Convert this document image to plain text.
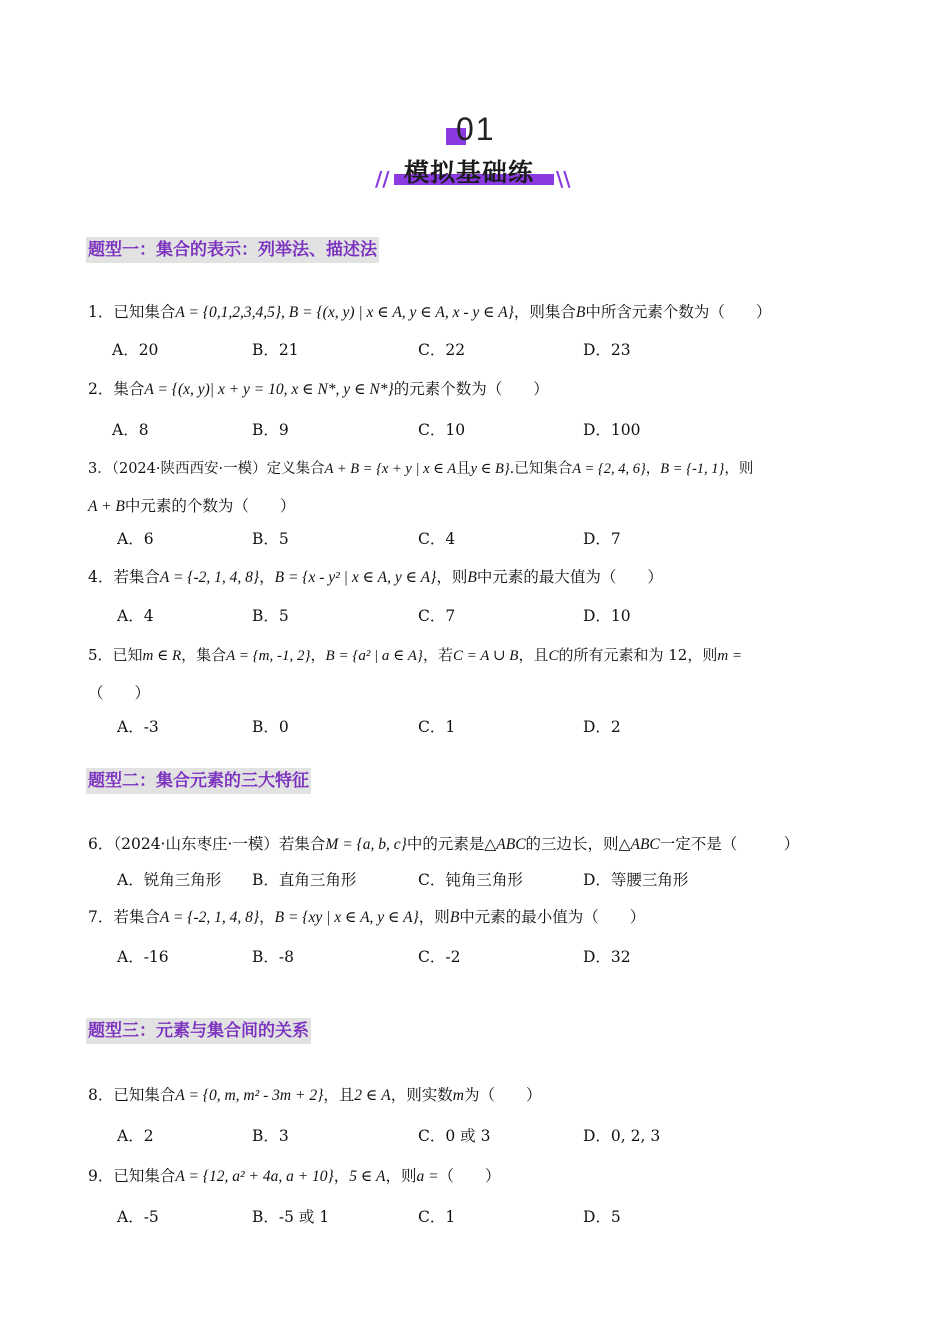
01
模拟基础练
//	\\
题型一：集合的表示：列举法、描述法
1．已知集合A = {0,1,2,3,4,5}, B = {(x, y) | x ∈ A, y ∈ A, x - y ∈ A}，则集合B中所含元素个数为（　　）
A．20	B．21	C．22	D．23
2．集合A = {(x, y)| x + y = 10, x ∈ N*, y ∈ N*}的元素个数为（　　）
A．8	B．9	C．10	D．100
3．（2024·陕西西安·一模）定义集合A + B = {x + y | x ∈ A且y ∈ B}.已知集合A = {2, 4, 6}，B = {-1, 1}，则
A + B中元素的个数为（　　）
A．6	B．5	C．4	D．7
4．若集合A = {-2, 1, 4, 8}，B = {x - y² | x ∈ A, y ∈ A}，则B中元素的最大值为（　　）
A．4	B．5	C．7	D．10
5．已知m ∈ R，集合A = {m, -1, 2}，B = {a² | a ∈ A}，若C = A ∪ B，且C的所有元素和为 12，则m =
（　　）
A．-3	B．0	C．1	D．2
题型二：集合元素的三大特征
6．（2024·山东枣庄·一模）若集合M = {a, b, c}中的元素是△ABC的三边长，则△ABC一定不是（　　　）
A．锐角三角形 B．直角三角形	C．钝角三角形	D．等腰三角形
7．若集合A = {-2, 1, 4, 8}，B = {xy | x ∈ A, y ∈ A}，则B中元素的最小值为（　　）
A．-16	B．-8	C．-2	D．32
题型三：元素与集合间的关系
8．已知集合A = {0, m, m² - 3m + 2}，且2 ∈ A，则实数m为（　　）
A．2	B．3	C．0 或 3	D．0, 2, 3
9．已知集合A = {12, a² + 4a, a + 10}，5 ∈ A，则a =（　　）
A．-5	B．-5 或 1	C．1	D．5
